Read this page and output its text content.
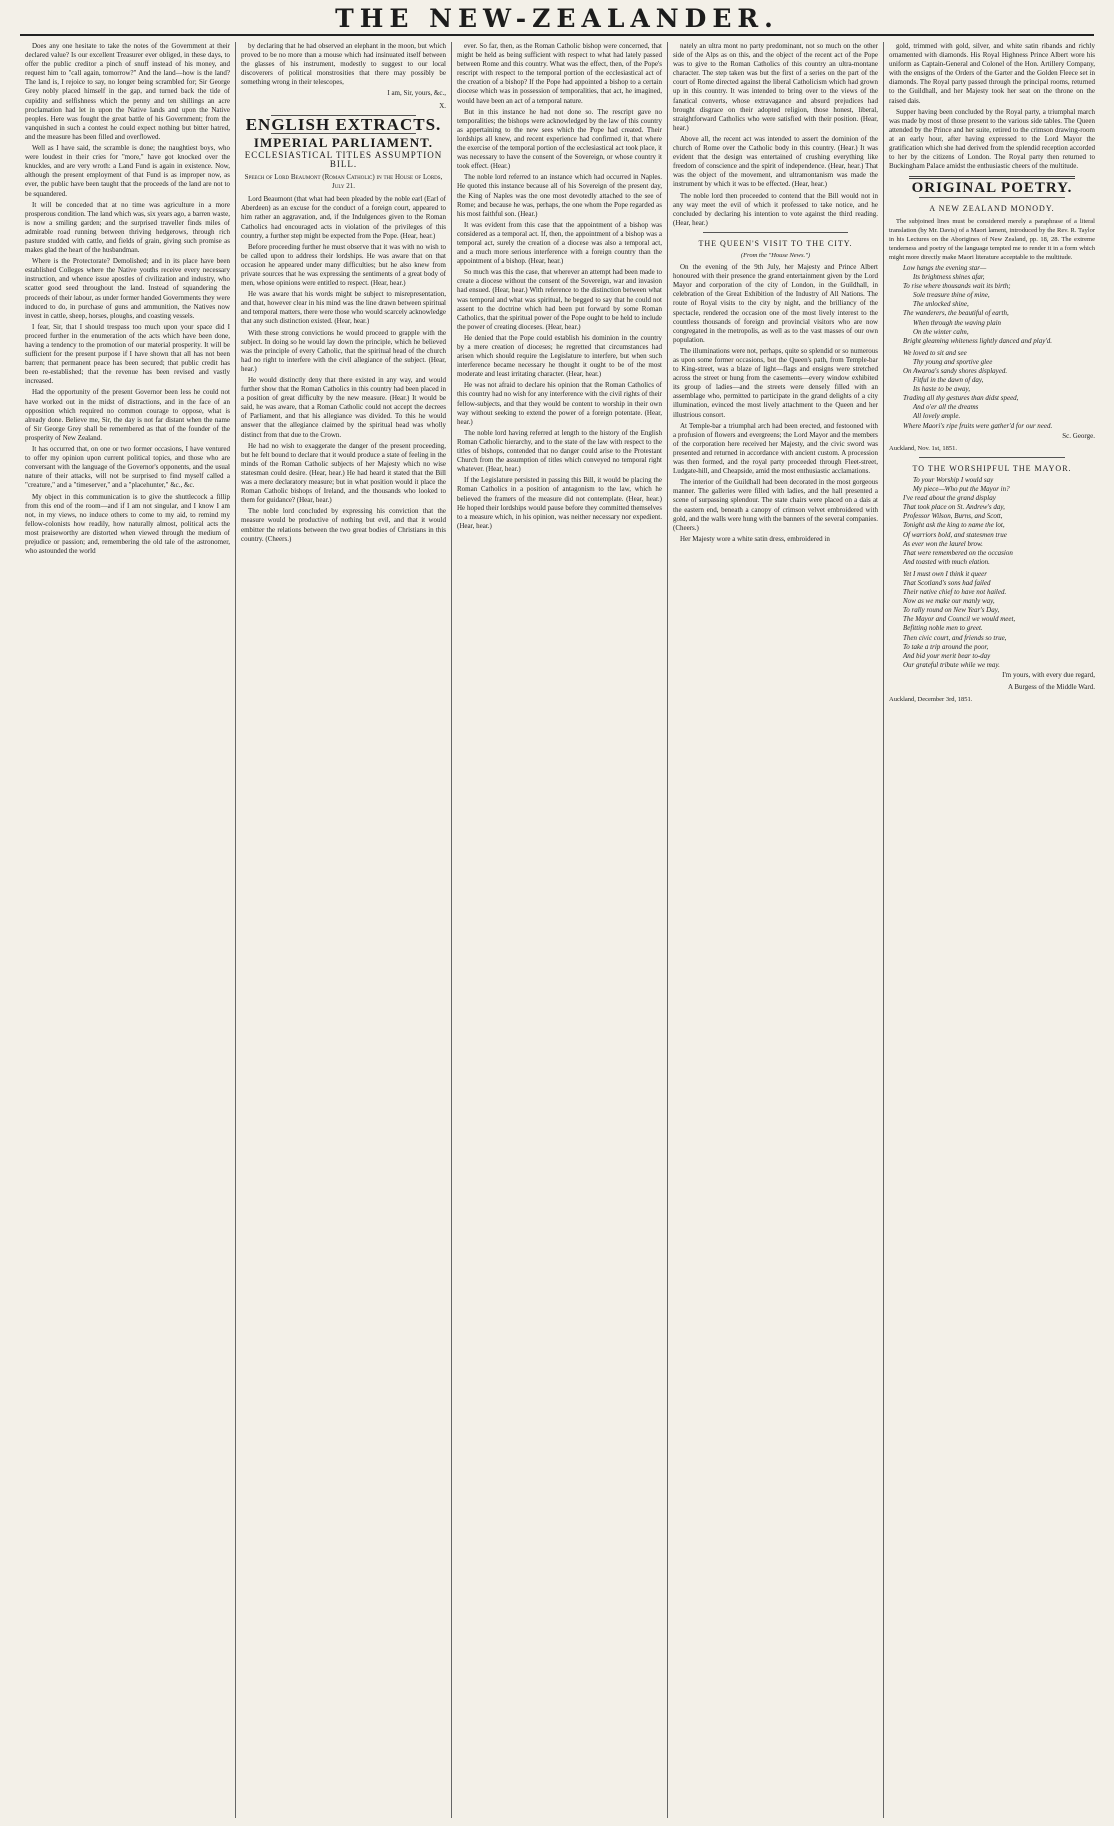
THE NEW-ZEALANDER.

Does any one hesitate to take the notes of the Government at their declared value? Is our excellent Treasurer ever obliged, in these days, to offer the public creditor a pinch of snuff instead of his money, and request him to "call again, tomorrow?" And the land—how is the land? The land is, I rejoice to say, no longer being scrambled for; Sir George Grey nobly placed himself in the gap, and turned back the tide of cupidity and selfishness which the penny and ten shillings an acre proclamation had let in upon the Native lands and upon the Native peoples. Here was fought the great battle of his Government; from the vanquished in such a contest he could expect nothing but bitter hatred, and the measure has been filled and overflowed.

Well as I have said, the scramble is done; the naughtiest boys, who were loudest in their cries for "more," have got knocked over the knuckles, and are very wroth: a Land Fund is again in existence. Now, although the present employment of that Fund is as improper now, as ever, the public have been taught that the proceeds of the land are not to be squandered.

It will be conceded that at no time was agriculture in a more prosperous condition. The land which was, six years ago, a barren waste, is now a smiling garden; and the surprised traveller finds miles of admirable road running between thriving hedgerows, through rich pasture studded with cattle, and fields of grain, giving such promise as makes glad the heart of the husbandman.

Where is the Protectorate? Demolished; and in its place have been established Colleges where the Native youths receive every necessary instruction, and whence issue apostles of civilization and industry, who scatter good seed throughout the land. Instead of squandering the proceeds of their labour, as under former handed Governments they were induced to do, in purchase of guns and ammunition, the Natives now invest in cattle, sheep, horses, ploughs, and coasting vessels.

I fear, Sir, that I should trespass too much upon your space did I proceed further in the enumeration of the acts which have been done, having a tendency to the promotion of our material prosperity. It will be sufficient for the present purpose if I have shown that all has not been barren; that permanent peace has been secured; that public credit has been re-established; that the revenue has been revised and vastly increased.

Had the opportunity of the present Governor been less he could not have worked out in the midst of distractions, and in the face of an opposition which required no common courage to oppose, what is already done. Believe me, Sir, the day is not far distant when the name of Sir George Grey shall be remembered as that of the founder of the prosperity of New Zealand.

It has occurred that, on one or two former occasions, I have ventured to offer my opinion upon current political topics, and those who are conversant with the language of the Governor's opponents, and the usual nature of their attacks, will not be surprised to find myself called a "creature," and a "timeserver," and a "placehunter," &c., &c.

My object in this communication is to give the shuttlecock a fillip from this end of the room—and if I am not singular, and I know I am not, in my views, no induce others to come to my aid, to remind my fellow-colonists how readily, how naturally almost, political acts the most praiseworthy are distorted when viewed through the medium of prejudice or passion; and, remembering the old tale of the astronomer, who astounded the world

by declaring that he had observed an elephant in the moon, but which proved to be no more than a mouse which had insinuated itself between the glasses of his instrument, modestly to suggest to our local discoverers of political monstrosities that there may possibly be something wrong in their telescopes,

I am, Sir, yours, &c.,
X.
ENGLISH EXTRACTS.
IMPERIAL PARLIAMENT.
ECCLESIASTICAL TITLES ASSUMPTION BILL.
Speech of Lord Beaumont (Roman Catholic) in the House of Lords, July 21.

Lord Beaumont (that what had been pleaded by the noble earl (Earl of Aberdeen) as an excuse for the conduct of a foreign court, appeared to him rather an aggravation, and, if the Indulgences given to the Roman Catholics had encouraged acts in violation of the privileges of this country, a further step might be expected from the Pope. (Hear, hear.)

Before proceeding further he must observe that it was with no wish to be called upon to address their lordships. He was aware that on that occasion he appeared under many difficulties; but he also knew from private sources that he was expressing the sentiments of a great body of men, whose opinions were entitled to respect. (Hear, hear.)

He was aware that his words might be subject to misrepresentation, and that, however clear in his mind was the line drawn between spiritual and temporal matters, there were those who would scarcely acknowledge that any such distinction existed. (Hear, hear.)

With these strong convictions he would proceed to grapple with the subject. In doing so he would lay down the principle, which he believed was the principle of every Catholic, that the spiritual head of the church had no right to interfere with the civil allegiance of the subject. (Hear, hear.)

He would distinctly deny that there existed in any way, and would further show that the Roman Catholics in this country had been placed in a position of great difficulty by the new measure. (Hear.) It would be said, he was aware, that a Roman Catholic could not accept the decrees of Parliament, and that his allegiance was divided. To this he would answer that the allegiance claimed by the spiritual head was wholly distinct from that due to the Crown.

He had no wish to exaggerate the danger of the present proceeding, but he felt bound to declare that it would produce a state of feeling in the minds of the Roman Catholic subjects of her Majesty which no wise statesman could desire. (Hear, hear.) He had heard it stated that the Bill was a mere declaratory measure; but in what position would it place the Roman Catholic bishops of Ireland, and the thousands who looked to them for guidance? (Hear, hear.)

The noble lord concluded by expressing his conviction that the measure would be productive of nothing but evil, and that it would embitter the relations between the two great bodies of Christians in this country. (Cheers.)

ever. So far, then, as the Roman Catholic bishop were concerned, that might be held as being sufficient with respect to what had lately passed between Rome and this country. What was the effect, then, of the Pope's rescript with respect to the temporal portion of the ecclesiastical act of the creation of a bishop? If the Pope had appointed a bishop to a certain diocese which was in possession of temporalities, that act, he imagined, would have been an act of a temporal nature.

But in this instance he had not done so. The rescript gave no temporalities; the bishops were acknowledged by the law of this country as appertaining to the new sees which the Pope had created. Their lordships all knew, and recent experience had confirmed it, that where the exercise of the temporal portion of the ecclesiastical act took place, it was necessary to have the consent of the Sovereign, or whose country it took effect. (Hear.)

The noble lord referred to an instance which had occurred in Naples. He quoted this instance because all of his Sovereign of the present day, the King of Naples was the one most devotedly attached to the see of Rome; and because he was, perhaps, the one whom the Pope regarded as his most faithful son. (Hear.)

It was evident from this case that the appointment of a bishop was considered as a temporal act. If, then, the appointment of a bishop was a temporal act, surely the creation of a diocese was also a temporal act, and a much more serious interference with a foreign country than the appointment of a bishop. (Hear, hear.)

So much was this the case, that wherever an attempt had been made to create a diocese without the consent of the Sovereign, war and invasion had ensued. (Hear, hear.) With reference to the distinction between what was temporal and what was spiritual, he begged to say that he could not assent to the doctrine which had been put forward by some Roman Catholics, that the spiritual power of the Pope ought to be held to include the power of creating dioceses. (Hear, hear.)

He denied that the Pope could establish his dominion in the country by a mere creation of dioceses; he regretted that circumstances had arisen which should require the Legislature to interfere, but when such interference became necessary he thought it ought to be of the most moderate and least irritating character. (Hear, hear.)

He was not afraid to declare his opinion that the Roman Catholics of this country had no wish for any interference with the civil rights of their fellow-subjects, and that they would be content to worship in their own way without seeking to extend the power of a foreign potentate. (Hear, hear.)

The noble lord having referred at length to the history of the English Roman Catholic hierarchy, and to the state of the law with respect to the titles of bishops, contended that no danger could arise to the Protestant Church from the assumption of titles which conveyed no temporal right whatever. (Hear, hear.)

If the Legislature persisted in passing this Bill, it would be placing the Roman Catholics in a position of antagonism to the law, which he believed the framers of the measure did not contemplate. (Hear, hear.) He hoped their lordships would pause before they committed themselves to a measure which, in his opinion, was neither necessary nor expedient. (Hear, hear.)

nately an ultra mont no party predominant, not so much on the other side of the Alps as on this, and the object of the recent act of the Pope was to give to the Roman Catholics of this country an ultra-montane character. The step taken was but the first of a series on the part of the court of Rome directed against the liberal Catholicism which had grown up in this country. It was intended to bring over to the views of the fanatical converts, whose extravagance and absurd prejudices had brought disgrace on their adopted religion, those honest, liberal, straightforward Catholics who were satisfied with their position. (Hear, hear.)

Above all, the recent act was intended to assert the dominion of the church of Rome over the Catholic body in this country. (Hear.) It was evident that the design was entertained of crushing everything like freedom of conscience and the spirit of independence. (Hear, hear.) That was the object of the movement, and ultramontanism was made the instrument by which it was to be effected. (Hear, hear.)

The noble lord then proceeded to contend that the Bill would not in any way meet the evil of which it professed to take notice, and he concluded by declaring his intention to vote against the third reading. (Hear, hear.)

THE QUEEN'S VISIT TO THE CITY.
(From the "House News.")

On the evening of the 9th July, her Majesty and Prince Albert honoured with their presence the grand entertainment given by the Lord Mayor and corporation of the city of London, in the Guildhall, in celebration of the Great Exhibition of the Industry of All Nations. The route of Royal visits to the city by night, and the brilliancy of the spectacle, rendered the occasion one of the most lively interest to the countless thousands of foreign and provincial visitors who are now congregated in the metropolis, as well as to the vast masses of our own population.

The illuminations were not, perhaps, quite so splendid or so numerous as upon some former occasions, but the Queen's path, from Temple-bar to King-street, was a blaze of light—flags and ensigns were stretched across the street or hung from the casements—every window exhibited its group of ladies—and the streets were densely filled with an assemblage who, permitted to participate in the grand delights of a city illumination, evinced the most lively attachment to the Queen and her illustrious consort.

At Temple-bar a triumphal arch had been erected, and festooned with a profusion of flowers and evergreens; the Lord Mayor and the members of the corporation here received her Majesty, and the civic sword was presented and returned in accordance with ancient custom. A procession was then formed, and the royal party proceeded through Fleet-street, Ludgate-hill, and Cheapside, amid the most enthusiastic acclamations.

The interior of the Guildhall had been decorated in the most gorgeous manner. The galleries were filled with ladies, and the hall presented a scene of surpassing splendour. The state chairs were placed on a dais at the eastern end, beneath a canopy of crimson velvet embroidered with gold, and the walls were hung with the banners of the several companies. (Cheers.)

Her Majesty wore a white satin dress, embroidered in

gold, trimmed with gold, silver, and white satin ribands and richly ornamented with diamonds. His Royal Highness Prince Albert wore his uniform as Captain-General and Colonel of the Hon. Artillery Company, with the ensigns of the Orders of the Garter and the Golden Fleece set in diamonds. The Royal party passed through the principal rooms, returned to the Guildhall, and her Majesty took her seat on the throne on the raised dais.

Supper having been concluded by the Royal party, a triumphal march was made by most of those present to the various side tables. The Queen attended by the Prince and her suite, retired to the crimson drawing-room at an early hour, after having expressed to the Lord Mayor the gratification which she had derived from the splendid reception accorded to her by the citizens of London. The Royal party then returned to Buckingham Palace amidst the enthusiastic cheers of the multitude.

ORIGINAL POETRY.
A NEW ZEALAND MONODY.

The subjoined lines must be considered merely a paraphrase of a literal translation (by Mr. Davis) of a Maori lament, introduced by the Rev. R. Taylor in his Lectures on the Aborigines of New Zealand, pp. 18, 28. The extreme tenderness and poetry of the language tempted me to render it in a form which might more directly make Maori literature acceptable to the multitude.

Low hangs the evening star—
Its brightness shines afar,
To rise where thousands wait its birth;
Sole treasure thine of mine,
The unlocked shine,
The wanderers, the beautiful of earth,
When through the waving plain
On the winter calm,
Bright gleaming whiteness lightly danced and play'd.
We loved to sit and see
Thy young and sportive glee
On Awaroa's sandy shores displayed.
Fitful in the dawn of day,
Its haste to be away,
Trading all thy gestures than didst speed,
And o'er all the dreams
All lovely ample.
Where Maori's ripe fruits were gather'd for our need.
Sc. George.
Auckland, Nov. 1st, 1851.
TO THE WORSHIPFUL THE MAYOR.
To your Worship I would say
My piece—Who put the Mayor in?
I've read about the grand display
That took place on St. Andrew's day,
Professor Wilson, Burns, and Scott,
Tonight ask the king to name the lot,
Of warriors bold, and statesmen true
As ever won the laurel brow.
That were remembered on the occasion
And toasted with much elation.
Yet I must own I think it queer
That Scotland's sons had failed
Their native chief to have not hailed.
Now as we make our manly way,
To rally round on New Year's Day,
The Mayor and Council we would meet,
Befitting noble men to greet.
Then civic court, and friends so true,
To take a trip around the poor,
And bid your merit bear to-day
Our grateful tribute while we may.
I'm yours, with every due regard,
A Burgess of the Middle Ward.
Auckland, December 3rd, 1851.
